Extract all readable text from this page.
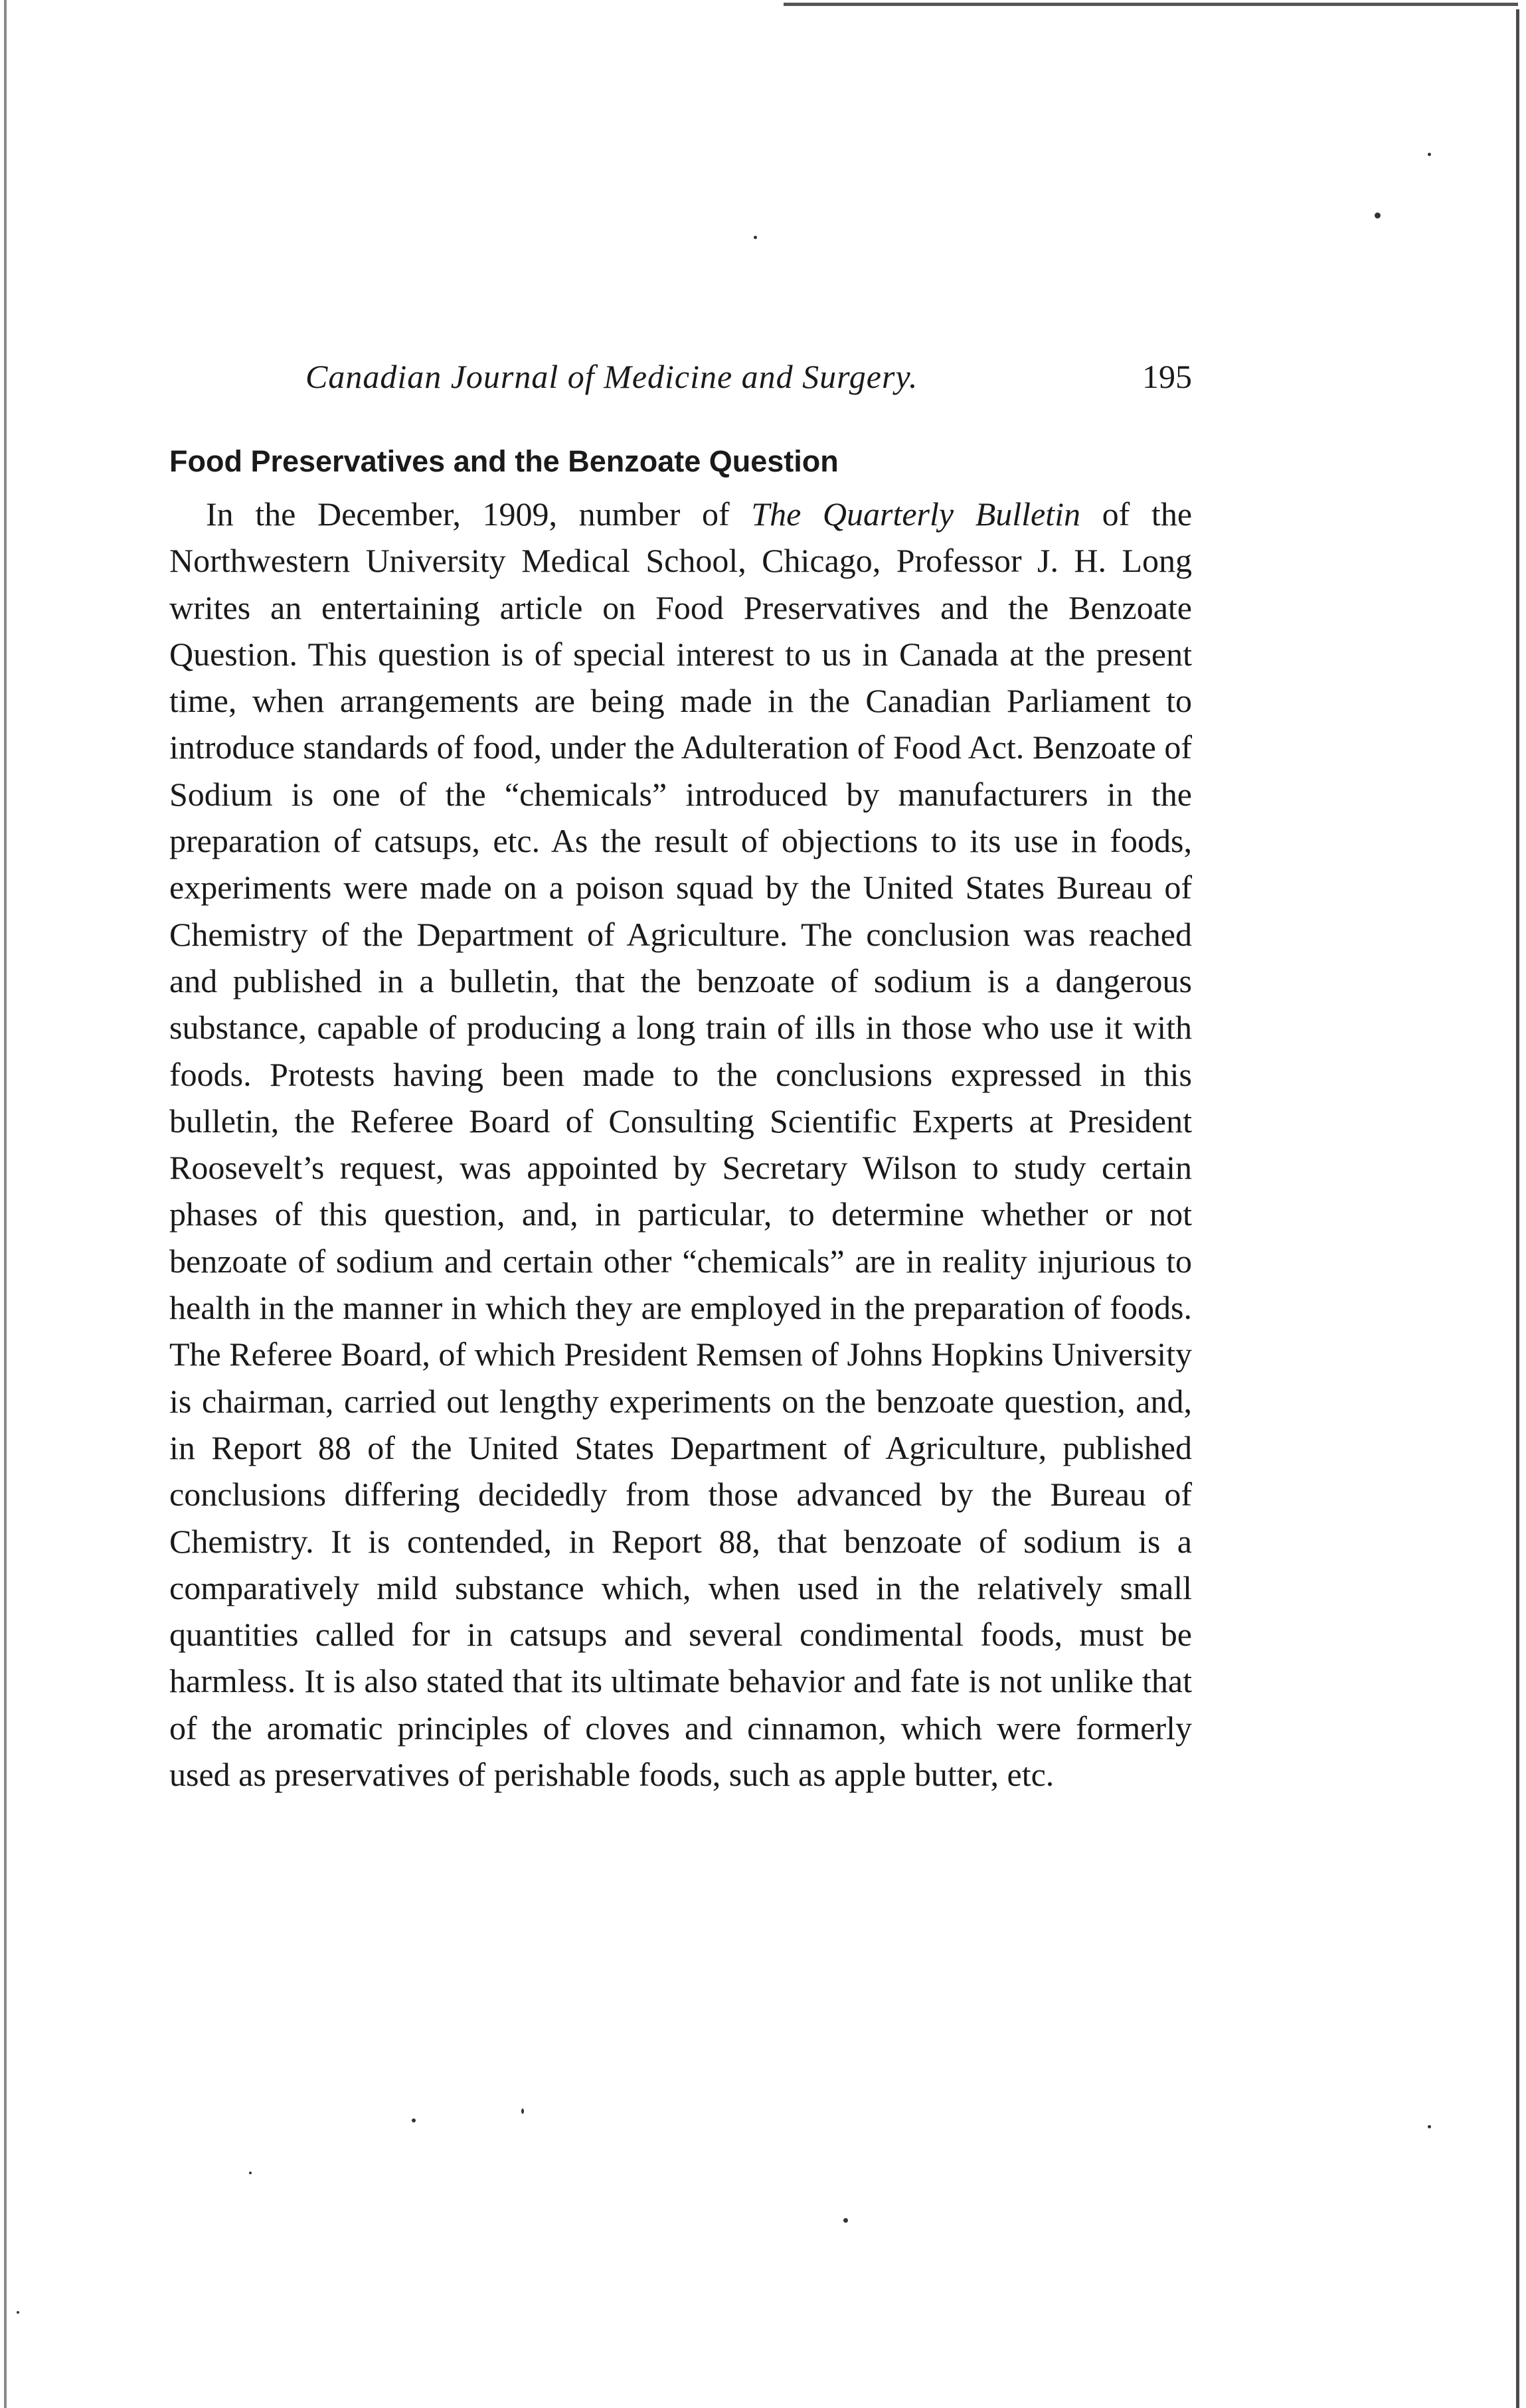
Canadian Journal of Medicine and Surgery.	195
Food Preservatives and the Benzoate Question

In the December, 1909, number of The Quarterly Bulletin of the Northwestern University Medical School, Chicago, Professor J. H. Long writes an entertaining article on Food Preservatives and the Benzoate Question. This question is of special interest to us in Canada at the present time, when arrangements are being made in the Canadian Parliament to introduce standards of food, under the Adulteration of Food Act. Benzoate of Sodium is one of the “chemicals” introduced by manufacturers in the preparation of catsups, etc. As the result of objections to its use in foods, experiments were made on a poison squad by the United States Bureau of Chemistry of the Department of Agriculture. The conclusion was reached and published in a bulletin, that the benzoate of sodium is a dangerous substance, capable of producing a long train of ills in those who use it with foods. Protests having been made to the conclusions expressed in this bulletin, the Referee Board of Consulting Scientific Experts at President Roosevelt’s request, was appointed by Secretary Wilson to study certain phases of this question, and, in particular, to determine whether or not benzoate of sodium and certain other “chemicals” are in reality injurious to health in the manner in which they are employed in the preparation of foods. The Referee Board, of which President Remsen of Johns Hopkins University is chairman, carried out lengthy experiments on the benzoate question, and, in Report 88 of the United States Department of Agriculture, published conclusions differing decidedly from those advanced by the Bureau of Chemistry. It is contended, in Report 88, that benzoate of sodium is a comparatively mild substance which, when used in the relatively small quantities called for in catsups and several condimental foods, must be harmless. It is also stated that its ultimate behavior and fate is not unlike that of the aromatic principles of cloves and cinnamon, which were formerly used as preservatives of perishable foods, such as apple butter, etc.
